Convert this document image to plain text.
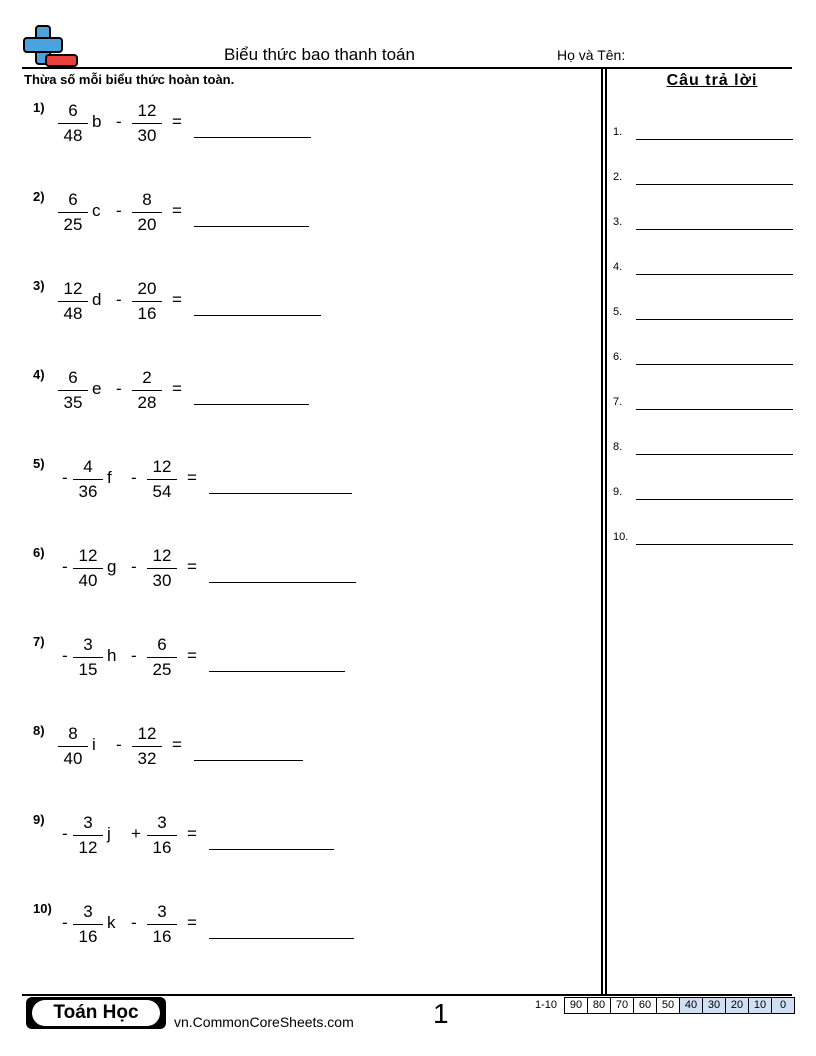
Biểu thức bao thanh toán	Họ và Tên:
Thừa số mỗi biểu thức hoàn toàn.	Câu trả lời
1.
2.
3.
4.
5.
6.
7.
8.
9.
10.
1)	6
48
b -
12
30
=
2)	6
25
c -
8
20
=
3)	12
48
d -
20
16
=
4)	6
35
e -
2
28
=
5)
-
4
36
f -
12
54
=
6)
-
12
40
g -
12
30
=
7)
-
3
15
h -
6
25
=
8)	8
40
i -
12
32
=
9)
-
3
12
j +
3
16
=
10)
-
3
16
k -
3
16
=
Toán Học	vn.CommonCoreSheets.com	1	1-10	90 80 70 60 50 40 30 20 10	0
